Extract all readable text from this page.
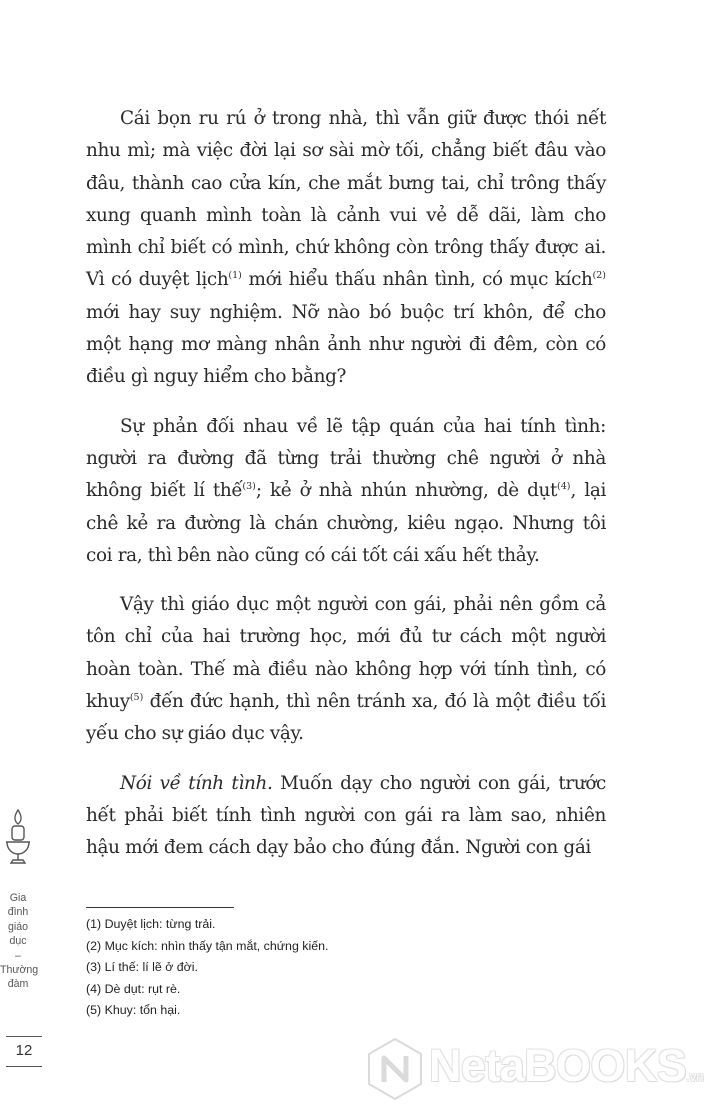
Cái bọn ru rú ở trong nhà, thì vẫn giữ được thói nết nhu mì; mà việc đời lại sơ sài mờ tối, chẳng biết đâu vào đâu, thành cao cửa kín, che mắt bưng tai, chỉ trông thấy xung quanh mình toàn là cảnh vui vẻ dễ dãi, làm cho mình chỉ biết có mình, chứ không còn trông thấy được ai. Vì có duyệt lịch$^{(1)}$ mới hiểu thấu nhân tình, có mục kích$^{(2)}$ mới hay suy nghiệm. Nỡ nào bó buộc trí khôn, để cho một hạng mơ màng nhân ảnh như người đi đêm, còn có điều gì nguy hiểm cho bằng?

Sự phản đối nhau về lẽ tập quán của hai tính tình: người ra đường đã từng trải thường chê người ở nhà không biết lí thế$^{(3)}$; kẻ ở nhà nhún nhường, dè dụt$^{(4)}$, lại chê kẻ ra đường là chán chường, kiêu ngạo. Nhưng tôi coi ra, thì bên nào cũng có cái tốt cái xấu hết thảy.

Vậy thì giáo dục một người con gái, phải nên gồm cả tôn chỉ của hai trường học, mới đủ tư cách một người hoàn toàn. Thế mà điều nào không hợp với tính tình, có khuy$^{(5)}$ đến đức hạnh, thì nên tránh xa, đó là một điều tối yếu cho sự giáo dục vậy.

Nói về tính tình. Muốn dạy cho người con gái, trước hết phải biết tính tình người con gái ra làm sao, nhiên hậu mới đem cách dạy bảo cho đúng đắn. Người con gái

(1) Duyệt lịch: từng trải.
(2) Mục kích: nhìn thấy tận mắt, chứng kiến.
(3) Lí thế: lí lẽ ở đời.
(4) Dè dụt: rụt rè.
(5) Khuy: tổn hại.
Gia
đình
giáo
dục
–
Thường
đàm
12	NetaBOOKS.vn
